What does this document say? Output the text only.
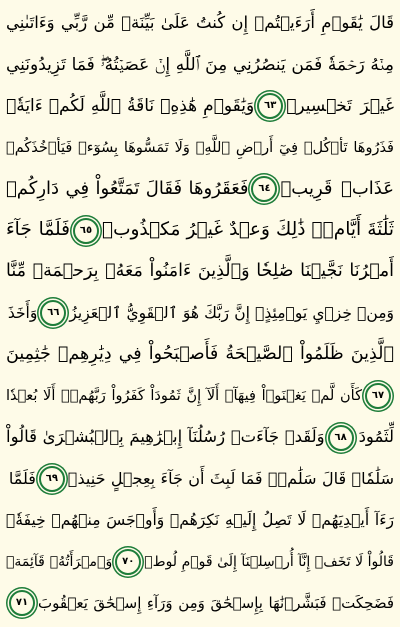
قَالَ يَٰقَوۡمِ أَرَءَيۡتُمۡ إِن كُنتُ عَلَىٰ بَيِّنَةٖ مِّن رَّبِّي وَءَاتَىٰنِي
مِنۡهُ رَحۡمَةٗ فَمَن يَنصُرُنِي مِنَ ٱللَّهِ إِنۡ عَصَيۡتُهُۥۖ فَمَا تَزِيدُونَنِي
غَيۡرَ تَخۡسِيرٖ
٦٣
وَيَٰقَوۡمِ هَٰذِهِۦ نَاقَةُ ٱللَّهِ لَكُمۡ ءَايَةٗۖ
فَذَرُوهَا تَأۡكُلۡ فِيٓ أَرۡضِ ٱللَّهِۖ وَلَا تَمَسُّوهَا بِسُوٓءٖ فَيَأۡخُذَكُمۡ
عَذَابٞ قَرِيبٞ
٦٤
فَعَقَرُوهَا فَقَالَ تَمَتَّعُواْ فِي دَارِكُمۡ
ثَلَٰثَةَ أَيَّامٖۖ ذَٰلِكَ وَعۡدٌ غَيۡرُ مَكۡذُوبٖ
٦٥
فَلَمَّا جَآءَ
أَمۡرُنَا نَجَّيۡنَا صَٰلِحٗا وَٱلَّذِينَ ءَامَنُواْ مَعَهُۥ بِرَحۡمَةٖ مِّنَّا
وَمِنۡ خِزۡيِ يَوۡمِئِذٍۚ إِنَّ رَبَّكَ هُوَ ٱلۡقَوِيُّ ٱلۡعَزِيزُ
٦٦
وَأَخَذَ
ٱلَّذِينَ ظَلَمُواْ ٱلصَّيۡحَةُ فَأَصۡبَحُواْ فِي دِيَٰرِهِمۡ جَٰثِمِينَ
٦٧
كَأَن لَّمۡ يَغۡنَوۡاْ فِيهَآۗ أَلَآ إِنَّ ثَمُودَاْ كَفَرُواْ رَبَّهُمۡۗ أَلَا بُعۡدٗا
لِّثَمُودَ
٦٨
وَلَقَدۡ جَآءَتۡ رُسُلُنَآ إِبۡرَٰهِيمَ بِٱلۡبُشۡرَىٰ قَالُواْ
سَلَٰمٗاۖ قَالَ سَلَٰمٞۖ فَمَا لَبِثَ أَن جَآءَ بِعِجۡلٍ حَنِيذٖ
٦٩
فَلَمَّا
رَءَآ أَيۡدِيَهُمۡ لَا تَصِلُ إِلَيۡهِ نَكِرَهُمۡ وَأَوۡجَسَ مِنۡهُمۡ خِيفَةٗۚ
قَالُواْ لَا تَخَفۡ إِنَّآ أُرۡسِلۡنَآ إِلَىٰ قَوۡمِ لُوطٖ
٧٠
وَٱمۡرَأَتُهُۥ قَآئِمَةٞ
فَضَحِكَتۡ فَبَشَّرۡنَٰهَا بِإِسۡحَٰقَ وَمِن وَرَآءِ إِسۡحَٰقَ يَعۡقُوبَ
٧١
